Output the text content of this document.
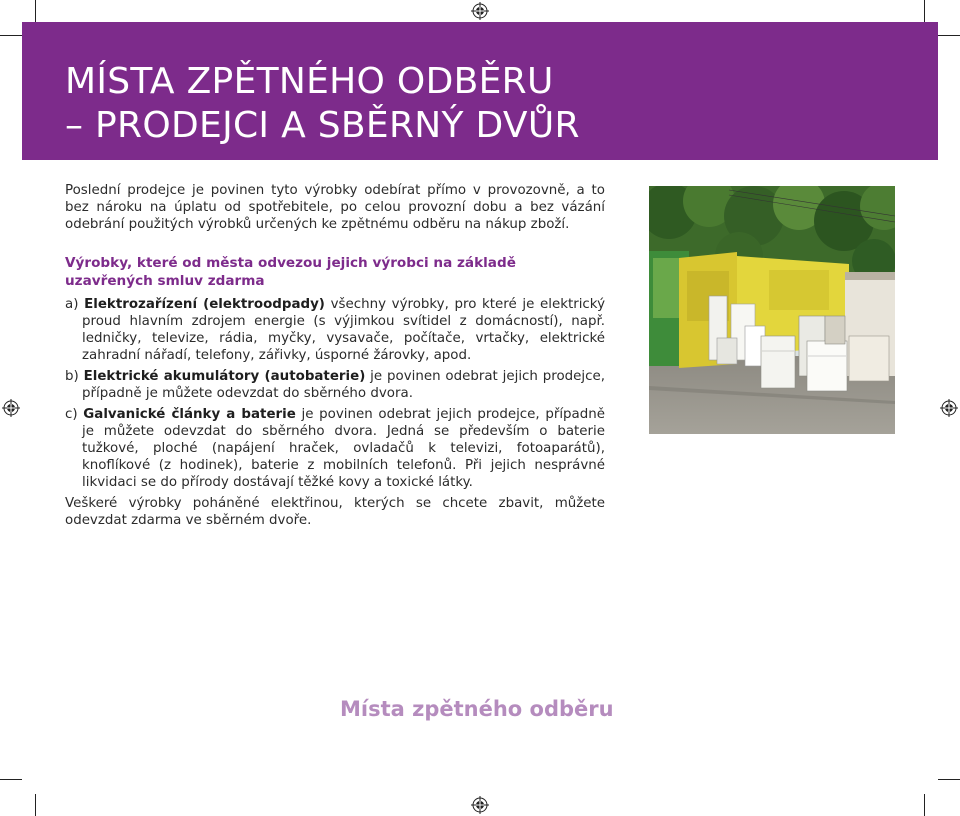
MÍSTA ZPĚTNÉHO ODBĚRU
– PRODEJCI A SBĚRNÝ DVŮR

Poslední prodejce je povinen tyto výrobky odebírat přímo v provozovně, a to bez nároku na úplatu od spotřebitele, po celou provozní dobu a bez vázání odebrání použitých výrobků určených ke zpětnému odběru na nákup zboží.

Výrobky, které od města odvezou jejich výrobci na základě uzavřených smluv zdarma

a) Elektrozařízení (elektroodpady) všechny výrobky, pro které je elektrický proud hlavním zdrojem energie (s výjimkou svítidel z domácností), např. ledničky, televize, rádia, myčky, vysavače, počítače, vrtačky, elektrické zahradní nářadí, telefony, zářivky, úsporné žárovky, apod.

b) Elektrické akumulátory (autobaterie) je povinen odebrat jejich prodejce, případně je můžete odevzdat do sběrného dvora.

c) Galvanické články a baterie je povinen odebrat jejich prodejce, případně je můžete odevzdat do sběrného dvora. Jedná se především o baterie tužkové, ploché (napájení hraček, ovladačů k televizi, fotoaparátů), knoflíkové (z hodinek), baterie z mobilních telefonů. Při jejich nesprávné likvidaci se do přírody dostávají těžké kovy a toxické látky.

Veškeré výrobky poháněné elektřinou, kterých se chcete zbavit, můžete odevzdat zdarma ve sběrném dvoře.

Místa zpětného odběru
